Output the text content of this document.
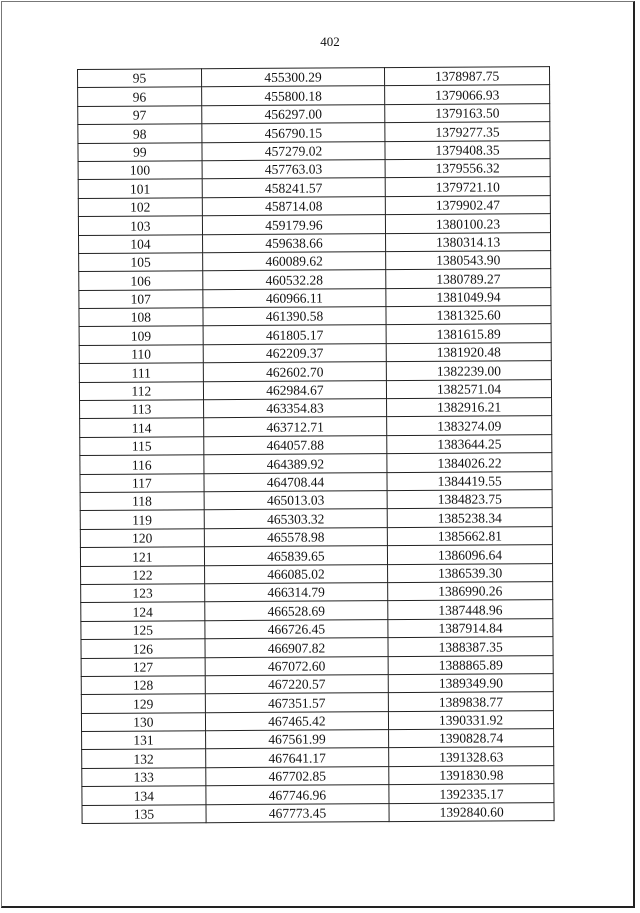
402
95	455300.29	1378987.75
96	455800.18	1379066.93
97	456297.00	1379163.50
98	456790.15	1379277.35
99	457279.02	1379408.35
100	457763.03	1379556.32
101	458241.57	1379721.10
102	458714.08	1379902.47
103	459179.96	1380100.23
104	459638.66	1380314.13
105	460089.62	1380543.90
106	460532.28	1380789.27
107	460966.11	1381049.94
108	461390.58	1381325.60
109	461805.17	1381615.89
110	462209.37	1381920.48
111	462602.70	1382239.00
112	462984.67	1382571.04
113	463354.83	1382916.21
114	463712.71	1383274.09
115	464057.88	1383644.25
116	464389.92	1384026.22
117	464708.44	1384419.55
118	465013.03	1384823.75
119	465303.32	1385238.34
120	465578.98	1385662.81
121	465839.65	1386096.64
122	466085.02	1386539.30
123	466314.79	1386990.26
124	466528.69	1387448.96
125	466726.45	1387914.84
126	466907.82	1388387.35
127	467072.60	1388865.89
128	467220.57	1389349.90
129	467351.57	1389838.77
130	467465.42	1390331.92
131	467561.99	1390828.74
132	467641.17	1391328.63
133	467702.85	1391830.98
134	467746.96	1392335.17
135	467773.45	1392840.60
